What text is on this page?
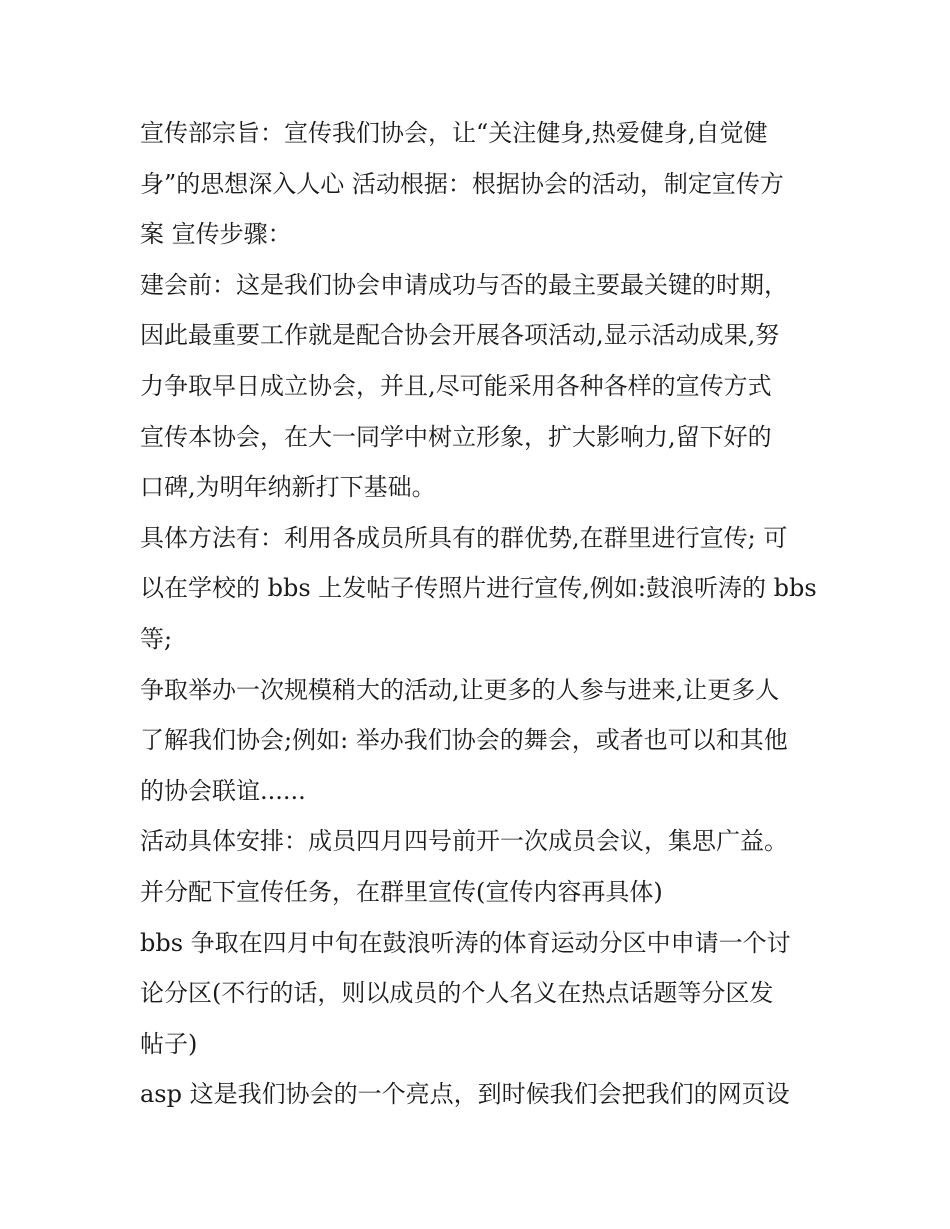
宣传部宗旨：宣传我们协会，让“关注健身,热爱健身,自觉健
身”的思想深入人心 活动根据：根据协会的活动，制定宣传方
案 宣传步骤：
建会前：这是我们协会申请成功与否的最主要最关键的时期，
因此最重要工作就是配合协会开展各项活动,显示活动成果,努
力争取早日成立协会，并且,尽可能采用各种各样的宣传方式
宣传本协会，在大一同学中树立形象，扩大影响力,留下好的
口碑,为明年纳新打下基础。
具体方法有：利用各成员所具有的群优势,在群里进行宣传; 可
以在学校的 bbs 上发帖子传照片进行宣传,例如:鼓浪听涛的 bbs
等;
争取举办一次规模稍大的活动,让更多的人参与进来,让更多人
了解我们协会;例如: 举办我们协会的舞会，或者也可以和其他
的协会联谊......
活动具体安排：成员四月四号前开一次成员会议，集思广益。
并分配下宣传任务，在群里宣传(宣传内容再具体)
bbs 争取在四月中旬在鼓浪听涛的体育运动分区中申请一个讨
论分区(不行的话，则以成员的个人名义在热点话题等分区发
帖子)
asp 这是我们协会的一个亮点，到时候我们会把我们的网页设
